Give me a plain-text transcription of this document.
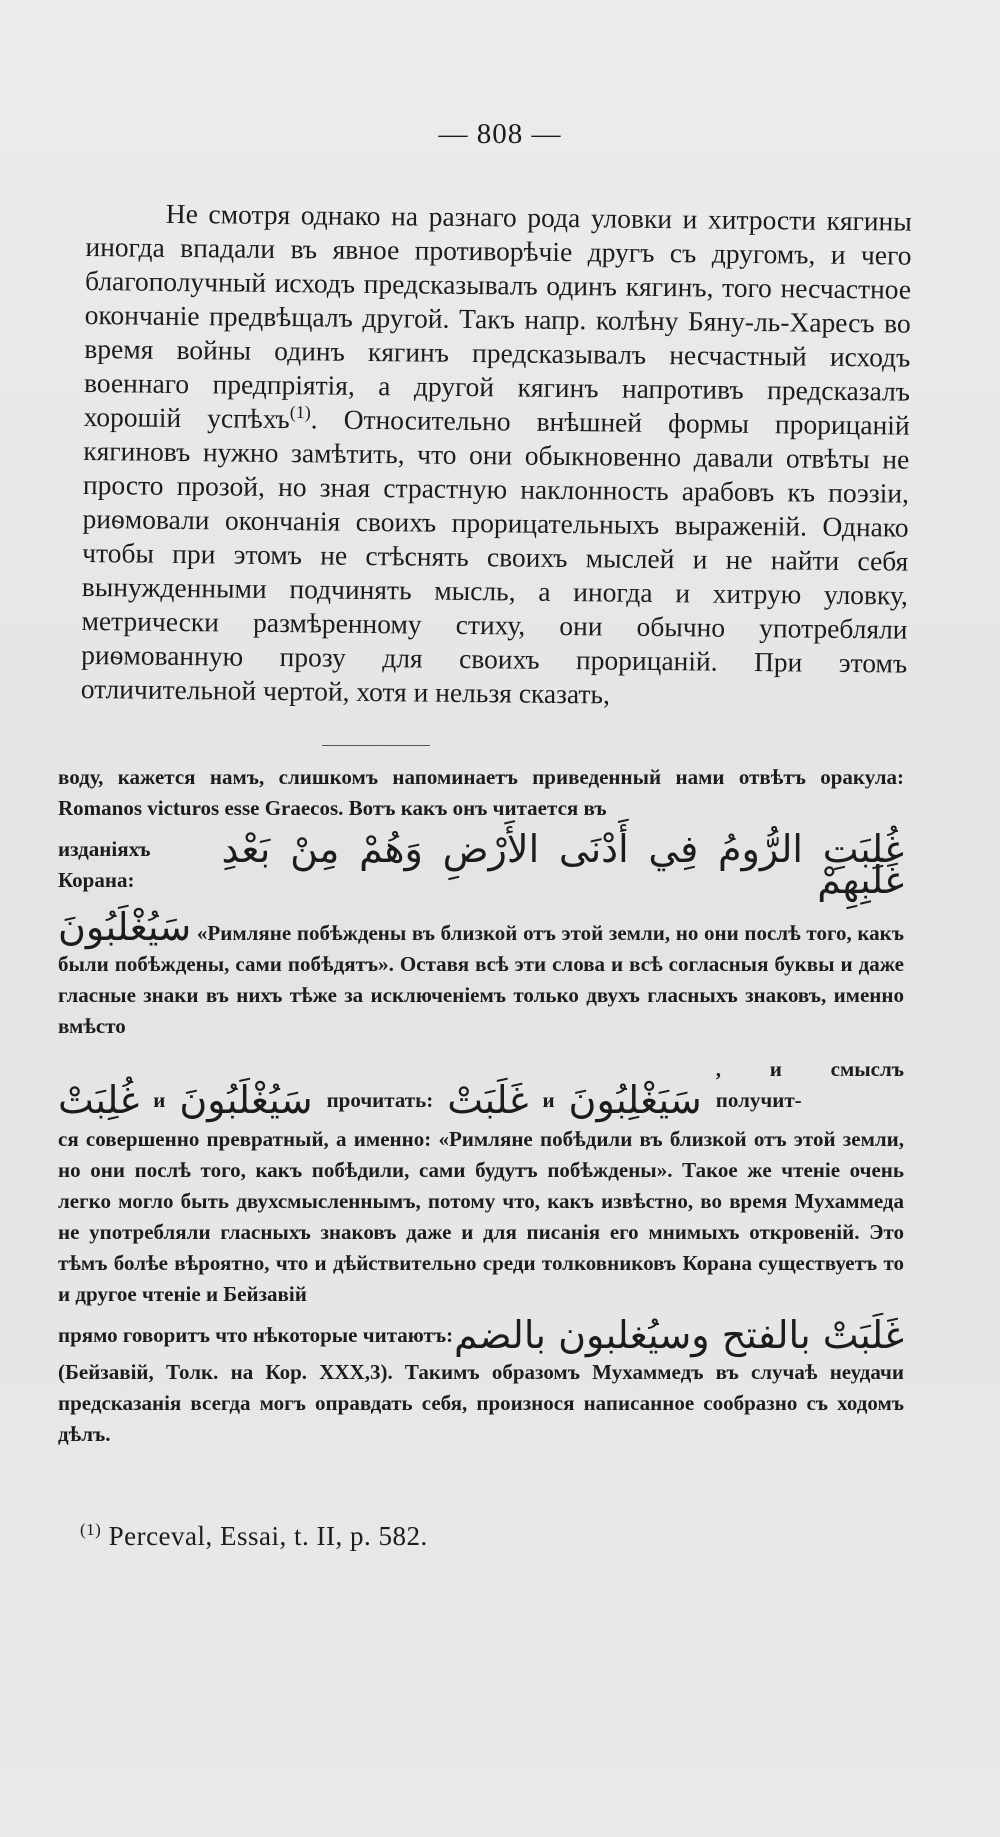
— 808 —

Не смотря однако на разнаго рода уловки и хитрости кягины иногда впадали въ явное противорѣчіе другъ съ другомъ, и чего благополучный исходъ предсказывалъ одинъ кягинъ, того несчастное окончаніе предвѣщалъ другой. Такъ напр. колѣну Бяну-ль-Харесъ во время войны одинъ кягинъ предсказывалъ несчастный исходъ военнаго предпріятія, а другой кягинъ напротивъ предсказалъ хорошій успѣхъ$^{(1)}$. Относительно внѣшней формы прорицаній кягиновъ нужно замѣтить, что они обыкновенно давали отвѣты не просто прозой, но зная страстную наклонность арабовъ къ поэзіи, риѳмовали окончанія своихъ прорицательныхъ выраженій. Однако чтобы при этомъ не стѣснять своихъ мыслей и не найти себя вынужденными подчинять мысль, а иногда и хитрую уловку, метрически размѣренному стиху, они обычно употребляли риѳмованную прозу для своихъ прорицаній. При этомъ отличительной чертой, хотя и нельзя сказать,

воду, кажется намъ, слишкомъ напоминаетъ приведенный нами отвѣтъ оракула: Romanos victuros esse Graecos. Вотъ какъ онъ читается въ

изданіяхъ Корана:
غُلِبَتِ الرُّومُ فِي أَدْنَى الأَرْضِ وَهُمْ مِنْ بَعْدِ غَلَبِهِمْ

سَيُغْلَبُونَ «Римляне побѣждены въ близкой отъ этой земли, но они послѣ того, какъ были побѣждены, сами побѣдятъ». Оставя всѣ эти слова и всѣ согласныя буквы и даже гласные знаки въ нихъ тѣже за исключеніемъ только двухъ гласныхъ знаковъ, именно вмѣсто

غُلِبَتْ и سَيُغْلَبُونَ прочитать: غَلَبَتْ и سَيَغْلِبُونَ
, и смыслъ получит-

ся совершенно превратный, а именно: «Римляне побѣдили въ близкой отъ этой земли, но они послѣ того, какъ побѣдили, сами будутъ побѣждены». Такое же чтеніе очень легко могло быть двухсмысленнымъ, потому что, какъ извѣстно, во время Мухаммеда не употребляли гласныхъ знаковъ даже и для писанія его мнимыхъ откровеній. Это тѣмъ болѣе вѣроятно, что и дѣйствительно среди толковниковъ Корана существуетъ то и другое чтеніе и Бейзавій

прямо говоритъ что нѣкоторые читаютъ: غَلَبَتْ بالفتح وسيُغلبون بالضم

(Бейзавій, Толк. на Кор. XXX,3). Такимъ образомъ Мухаммедъ въ случаѣ неудачи предсказанія всегда могъ оправдать себя, произнося написанное сообразно съ ходомъ дѣлъ.

$^{(1)}$ Perceval, Essai, t. II, p. 582.
